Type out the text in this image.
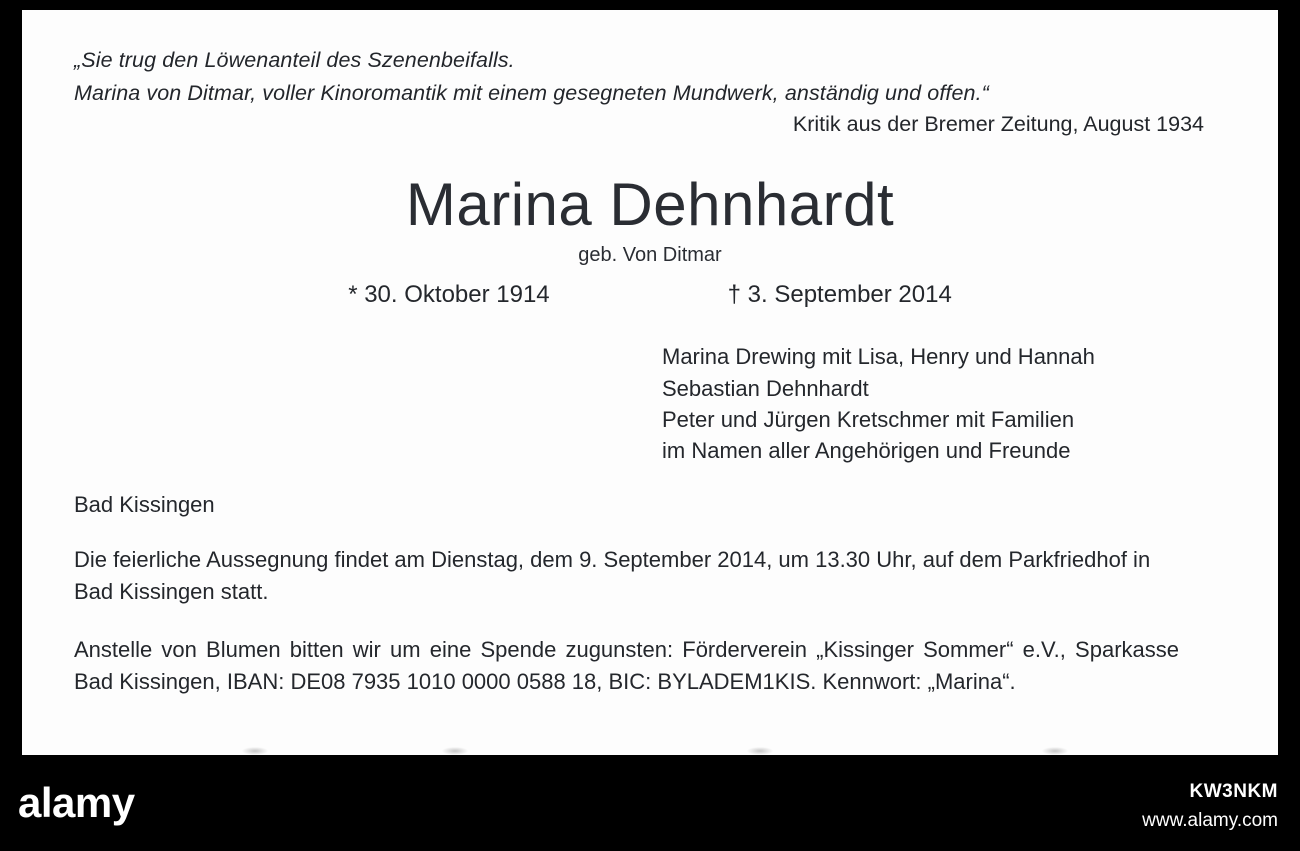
„Sie trug den Löwenanteil des Szenenbeifalls.
Marina von Ditmar, voller Kinoromantik mit einem gesegneten Mundwerk, anständig und offen.“
Kritik aus der Bremer Zeitung, August 1934
Marina Dehnhardt
geb. Von Ditmar
* 30. Oktober 1914	† 3. September 2014
Marina Drewing mit Lisa, Henry und Hannah
Sebastian Dehnhardt
Peter und Jürgen Kretschmer mit Familien
im Namen aller Angehörigen und Freunde
Bad Kissingen
Die feierliche Aussegnung findet am Dienstag, dem 9. September 2014, um 13.30 Uhr, auf dem Parkfriedhof in Bad Kissingen statt.
Anstelle von Blumen bitten wir um eine Spende zugunsten: Förderverein „Kissinger Sommer“ e.V., Sparkasse Bad Kissingen, IBAN: DE08 7935 1010 0000 0588 18, BIC: BYLADEM1KIS. Kennwort: „Marina“.
alamy	KW3NKM
www.alamy.com
